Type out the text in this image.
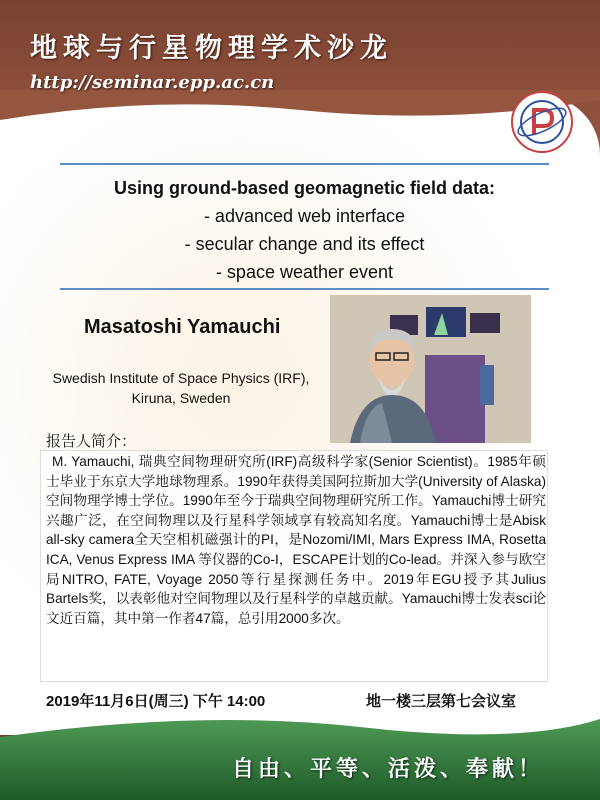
地球与行星物理学术沙龙
http://seminar.epp.ac.cn
Using ground-based geomagnetic field data:
- advanced web interface
- secular change and its effect
- space weather event
Masatoshi Yamauchi
Swedish Institute of Space Physics (IRF),
Kiruna, Sweden
报告人简介：
M. Yamauchi, 瑞典空间物理研究所(IRF)高级科学家(Senior Scientist)。1985年硕士毕业于东京大学地球物理系。1990年获得美国阿拉斯加大学(University of Alaska)空间物理学博士学位。1990年至今于瑞典空间物理研究所工作。Yamauchi博士研究兴趣广泛，在空间物理以及行星科学领域享有较高知名度。Yamauchi博士是Abisk all-sky camera全天空相机磁强计的PI，是Nozomi/IMI, Mars Express IMA, Rosetta ICA, Venus Express IMA 等仪器的Co-I，ESCAPE计划的Co-lead。并深入参与欧空局NITRO, FATE, Voyage 2050等行星探测任务中。2019年EGU授予其Julius Bartels奖，以表彰他对空间物理以及行星科学的卓越贡献。Yamauchi博士发表sci论文近百篇，其中第一作者47篇，总引用2000多次。
2019年11月6日(周三) 下午 14:00	地一楼三层第七会议室
自由、平等、活泼、奉献！
